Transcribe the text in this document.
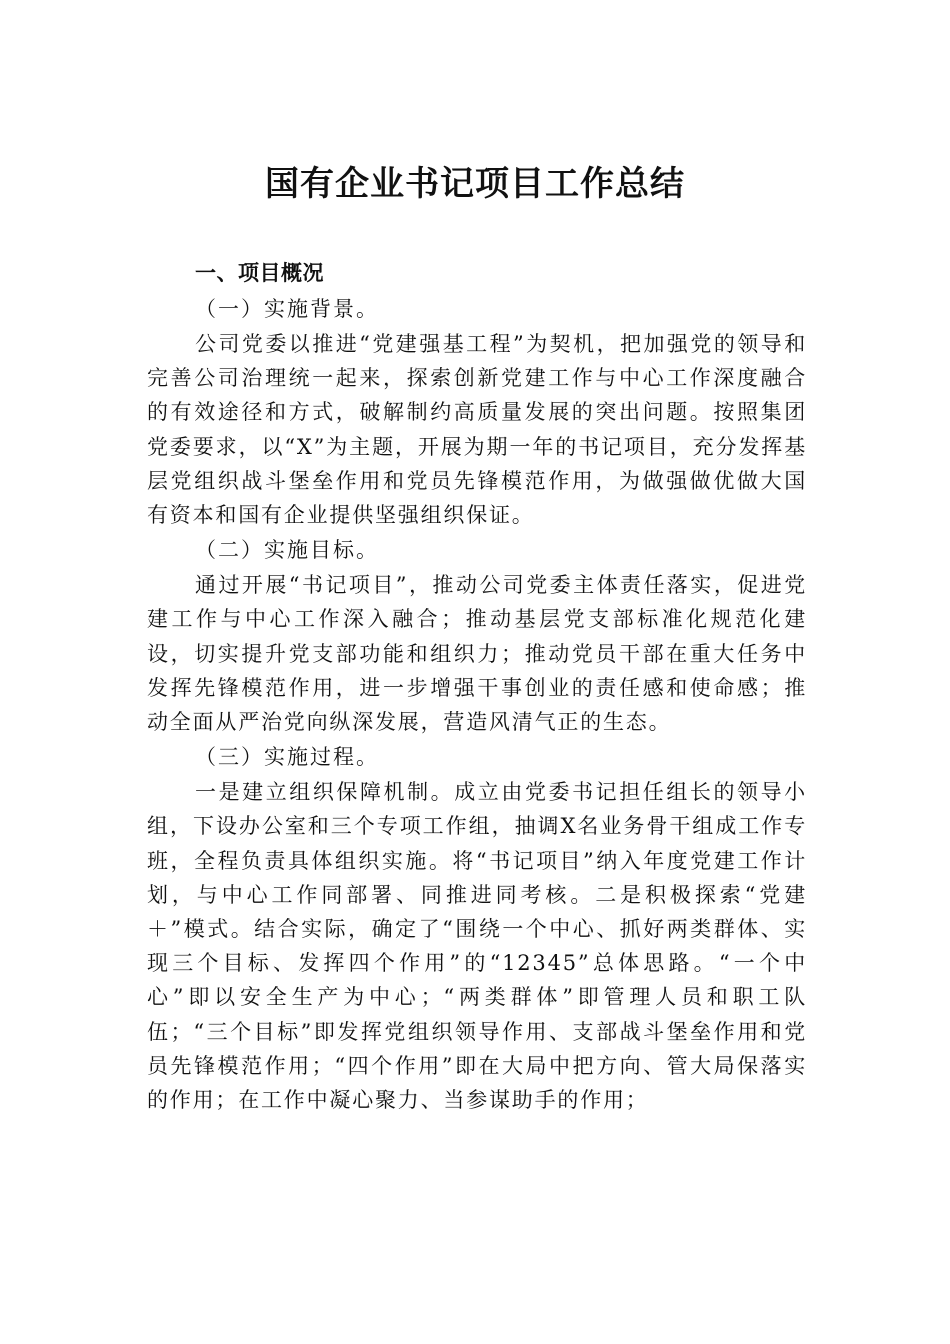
国有企业书记项目工作总结

一、项目概况

（一）实施背景。

公司党委以推进“党建强基工程”为契机，把加强党的领导和完善公司治理统一起来，探索创新党建工作与中心工作深度融合的有效途径和方式，破解制约高质量发展的突出问题。按照集团党委要求，以“X”为主题，开展为期一年的书记项目，充分发挥基层党组织战斗堡垒作用和党员先锋模范作用，为做强做优做大国有资本和国有企业提供坚强组织保证。

（二）实施目标。

通过开展“书记项目”，推动公司党委主体责任落实，促进党建工作与中心工作深入融合；推动基层党支部标准化规范化建设，切实提升党支部功能和组织力；推动党员干部在重大任务中发挥先锋模范作用，进一步增强干事创业的责任感和使命感；推动全面从严治党向纵深发展，营造风清气正的生态。

（三）实施过程。

一是建立组织保障机制。成立由党委书记担任组长的领导小组，下设办公室和三个专项工作组，抽调X名业务骨干组成工作专班，全程负责具体组织实施。将“书记项目”纳入年度党建工作计划，与中心工作同部署、同推进同考核。二是积极探索“党建＋”模式。结合实际，确定了“围绕一个中心、抓好两类群体、实现三个目标、发挥四个作用”的“12345”总体思路。“一个中心”即以安全生产为中心；“两类群体”即管理人员和职工队伍；“三个目标”即发挥党组织领导作用、支部战斗堡垒作用和党员先锋模范作用；“四个作用”即在大局中把方向、管大局保落实的作用；在工作中凝心聚力、当参谋助手的作用；
